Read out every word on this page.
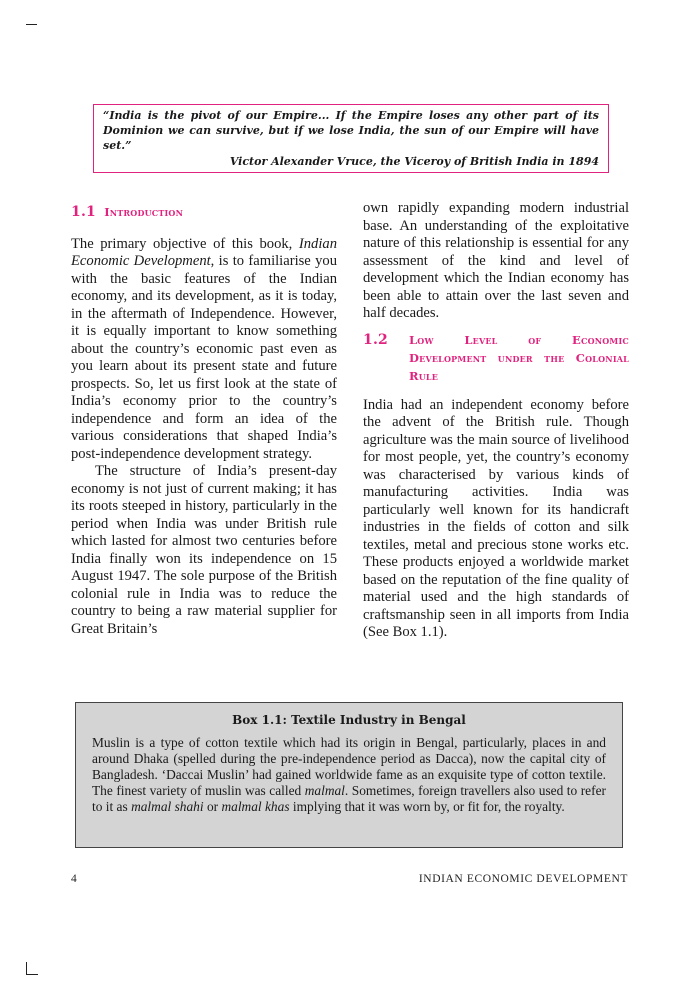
“India is the pivot of our Empire... If the Empire loses any other part of its Dominion we can survive, but if we lose India, the sun of our Empire will have set.”
Victor Alexander Vruce, the Viceroy of British India in 1894
1.1 Introduction

The primary objective of this book, Indian Economic Development, is to familiarise you with the basic features of the Indian economy, and its development, as it is today, in the aftermath of Independence. However, it is equally important to know something about the country’s economic past even as you learn about its present state and future prospects. So, let us first look at the state of India’s economy prior to the country’s independence and form an idea of the various considerations that shaped India’s post-independence development strategy.

The structure of India’s present-day economy is not just of current making; it has its roots steeped in history, particularly in the period when India was under British rule which lasted for almost two centuries before India finally won its independence on 15 August 1947. The sole purpose of the British colonial rule in India was to reduce the country to being a raw material supplier for Great Britain’s

own rapidly expanding modern industrial base. An understanding of the exploitative nature of this relationship is essential for any assessment of the kind and level of development which the Indian economy has been able to attain over the last seven and half decades.

1.2	Low Level of Economic Development under the Colonial Rule

India had an independent economy before the advent of the British rule. Though agriculture was the main source of livelihood for most people, yet, the country’s economy was characterised by various kinds of manufacturing activities. India was particularly well known for its handicraft industries in the fields of cotton and silk textiles, metal and precious stone works etc. These products enjoyed a worldwide market based on the reputation of the fine quality of material used and the high standards of craftsmanship seen in all imports from India (See Box 1.1).

Box 1.1: Textile Industry in Bengal
Muslin is a type of cotton textile which had its origin in Bengal, particularly, places in and around Dhaka (spelled during the pre-independence period as Dacca), now the capital city of Bangladesh. ‘Daccai Muslin’ had gained worldwide fame as an exquisite type of cotton textile. The finest variety of muslin was called malmal. Sometimes, foreign travellers also used to refer to it as malmal shahi or malmal khas implying that it was worn by, or fit for, the royalty.
4	INDIAN ECONOMIC DEVELOPMENT
